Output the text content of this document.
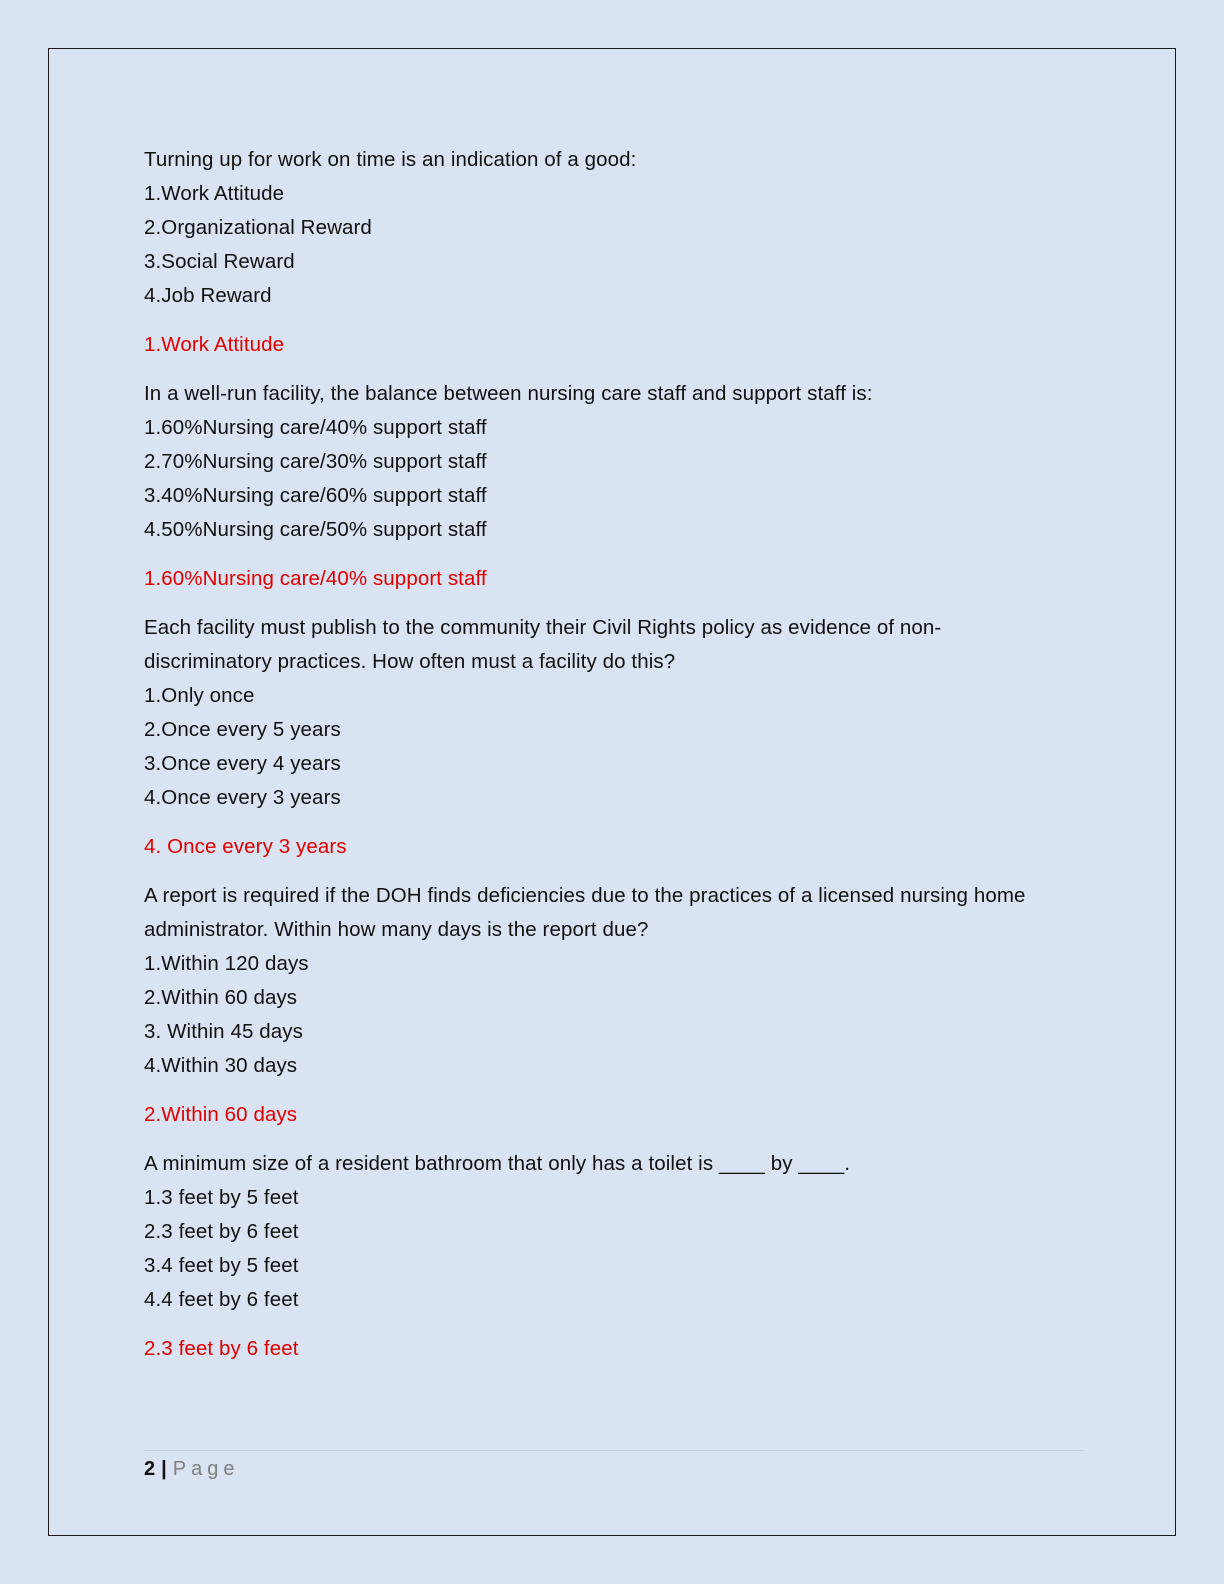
Turning up for work on time is an indication of a good:

1.Work Attitude

2.Organizational Reward

3.Social Reward

4.Job Reward

1.Work Attitude

In a well-run facility, the balance between nursing care staff and support staff is:

1.60%Nursing care/40% support staff

2.70%Nursing care/30% support staff

3.40%Nursing care/60% support staff

4.50%Nursing care/50% support staff

1.60%Nursing care/40% support staff

Each facility must publish to the community their Civil Rights policy as evidence of non-

discriminatory practices. How often must a facility do this?

1.Only once

2.Once every 5 years

3.Once every 4 years

4.Once every 3 years

4. Once every 3 years

A report is required if the DOH finds deficiencies due to the practices of a licensed nursing home

administrator. Within how many days is the report due?

1.Within 120 days

2.Within 60 days

3. Within 45 days

4.Within 30 days

2.Within 60 days

A minimum size of a resident bathroom that only has a toilet is ____ by ____.

1.3 feet by 5 feet

2.3 feet by 6 feet

3.4 feet by 5 feet

4.4 feet by 6 feet

2.3 feet by 6 feet

2 | Page
